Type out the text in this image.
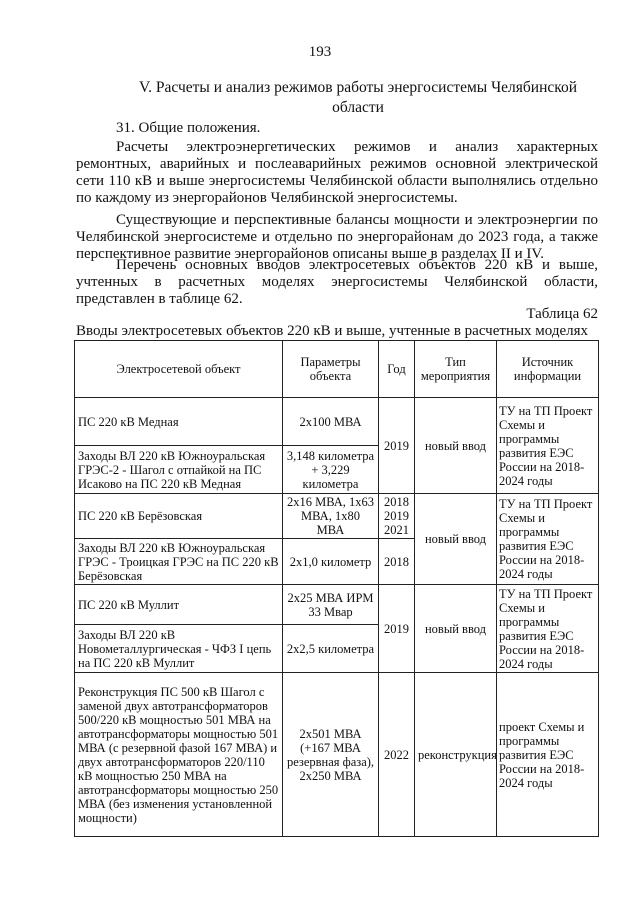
193
V. Расчеты и анализ режимов работы энергосистемы Челябинской области
31. Общие положения.
Расчеты электроэнергетических режимов и анализ характерных ремонтных, аварийных и послеаварийных режимов основной электрической сети 110 кВ и выше энергосистемы Челябинской области выполнялись отдельно по каждому из энергорайонов Челябинской энергосистемы.
Существующие и перспективные балансы мощности и электроэнергии по Челябинской энергосистеме и отдельно по энергорайонам до 2023 года, а также перспективное развитие энергорайонов описаны выше в разделах II и IV.
Перечень основных вводов электросетевых объектов 220 кВ и выше, учтенных в расчетных моделях энергосистемы Челябинской области, представлен в таблице 62.
Таблица 62
Вводы электросетевых объектов 220 кВ и выше, учтенные в расчетных моделях
Электросетевой объект	Параметры объекта	Год	Тип мероприятия	Источник информации
ПС 220 кВ Медная	2x100 МВА	2019	новый ввод	ТУ на ТП Проект Схемы и программы развития ЕЭС России на 2018-2024 годы
Заходы ВЛ 220 кВ Южноуральская ГРЭС-2 - Шагол с отпайкой на ПС Исаково на ПС 220 кВ Медная	3,148 километра + 3,229 километра			
ПС 220 кВ Берёзовская	2x16 МВА, 1x63 МВА, 1x80 МВА	2018 2019 2021	новый ввод	ТУ на ТП Проект Схемы и программы развития ЕЭС России на 2018-2024 годы
Заходы ВЛ 220 кВ Южноуральская ГРЭС - Троицкая ГРЭС на ПС 220 кВ Берёзовская	2x1,0 километр	2018		
ПС 220 кВ Муллит	2x25 МВА ИРМ 33 Мвар	2019	новый ввод	ТУ на ТП Проект Схемы и программы развития ЕЭС России на 2018-2024 годы
Заходы ВЛ 220 кВ Новометаллургическая - ЧФЗ I цепь на ПС 220 кВ Муллит	2x2,5 километра			
Реконструкция ПС 500 кВ Шагол с заменой двух автотрансформаторов 500/220 кВ мощностью 501 МВА на автотрансформаторы мощностью 501 МВА (с резервной фазой 167 МВА) и двух автотрансформаторов 220/110 кВ мощностью 250 МВА на автотрансформаторы мощностью 250 МВА (без изменения установленной мощности)	2x501 МВА (+167 МВА резервная фаза), 2x250 МВА	2022	реконструкция	проект Схемы и программы развития ЕЭС России на 2018-2024 годы
